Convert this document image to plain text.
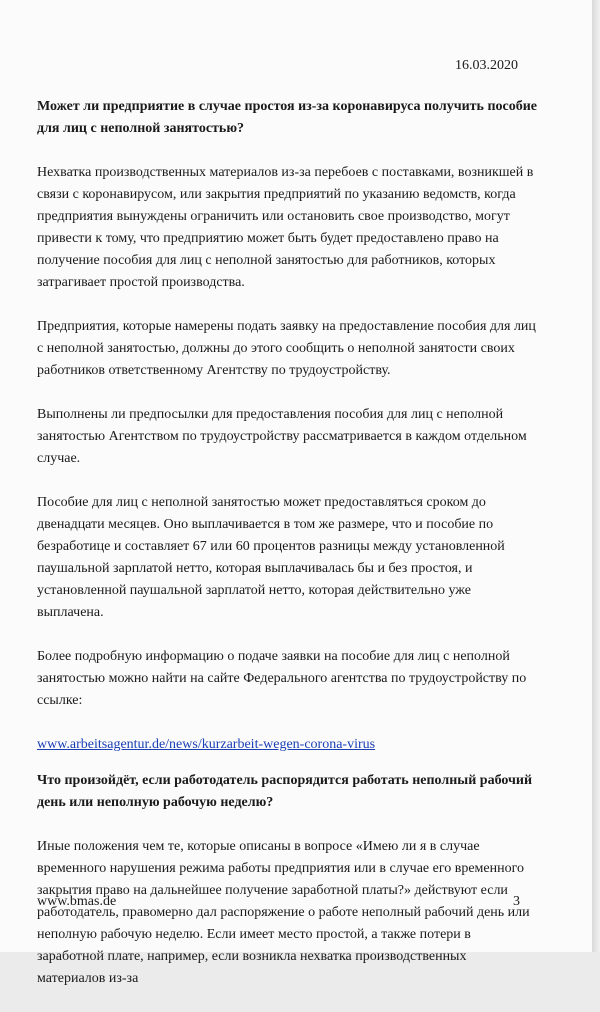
16.03.2020
Может ли предприятие в случае простоя из-за коронавируса получить пособие для лиц с неполной занятостью?

Нехватка производственных материалов из-за перебоев с поставками, возникшей в связи с коронавирусом, или закрытия предприятий по указанию ведомств, когда предприятия вынуждены ограничить или остановить свое производство, могут привести к тому, что предприятию может быть будет предоставлено право на получение пособия для лиц с неполной занятостью для работников, которых затрагивает простой производства.

Предприятия, которые намерены подать заявку на предоставление пособия для лиц с неполной занятостью, должны до этого сообщить о неполной занятости своих работников ответственному Агентству по трудоустройству.

Выполнены ли предпосылки для предоставления пособия для лиц с неполной занятостью Агентством по трудоустройству рассматривается в каждом отдельном случае.

Пособие для лиц с неполной занятостью может предоставляться сроком до двенадцати месяцев. Оно выплачивается в том же размере, что и пособие по безработице и составляет 67 или 60 процентов разницы между установленной паушальной зарплатой нетто, которая выплачивалась бы и без простоя, и установленной паушальной зарплатой нетто, которая действительно уже выплачена.

Более подробную информацию о подаче заявки на пособие для лиц с неполной занятостью можно найти на сайте Федерального агентства по трудоустройству по ссылке:

www.arbeitsagentur.de/news/kurzarbeit-wegen-corona-virus
Что произойдёт, если работодатель распорядится работать неполный рабочий день или неполную рабочую неделю?

Иные положения чем те, которые описаны в вопросе «Имею ли я в случае временного нарушения режима работы предприятия или в случае его временного закрытия право на дальнейшее получение заработной платы?» действуют если работодатель, правомерно дал распоряжение о работе неполный рабочий день или неполную рабочую неделю. Если имеет место простой, а также потери в заработной плате, например, если возникла нехватка производственных материалов из-за

www.bmas.de	3
